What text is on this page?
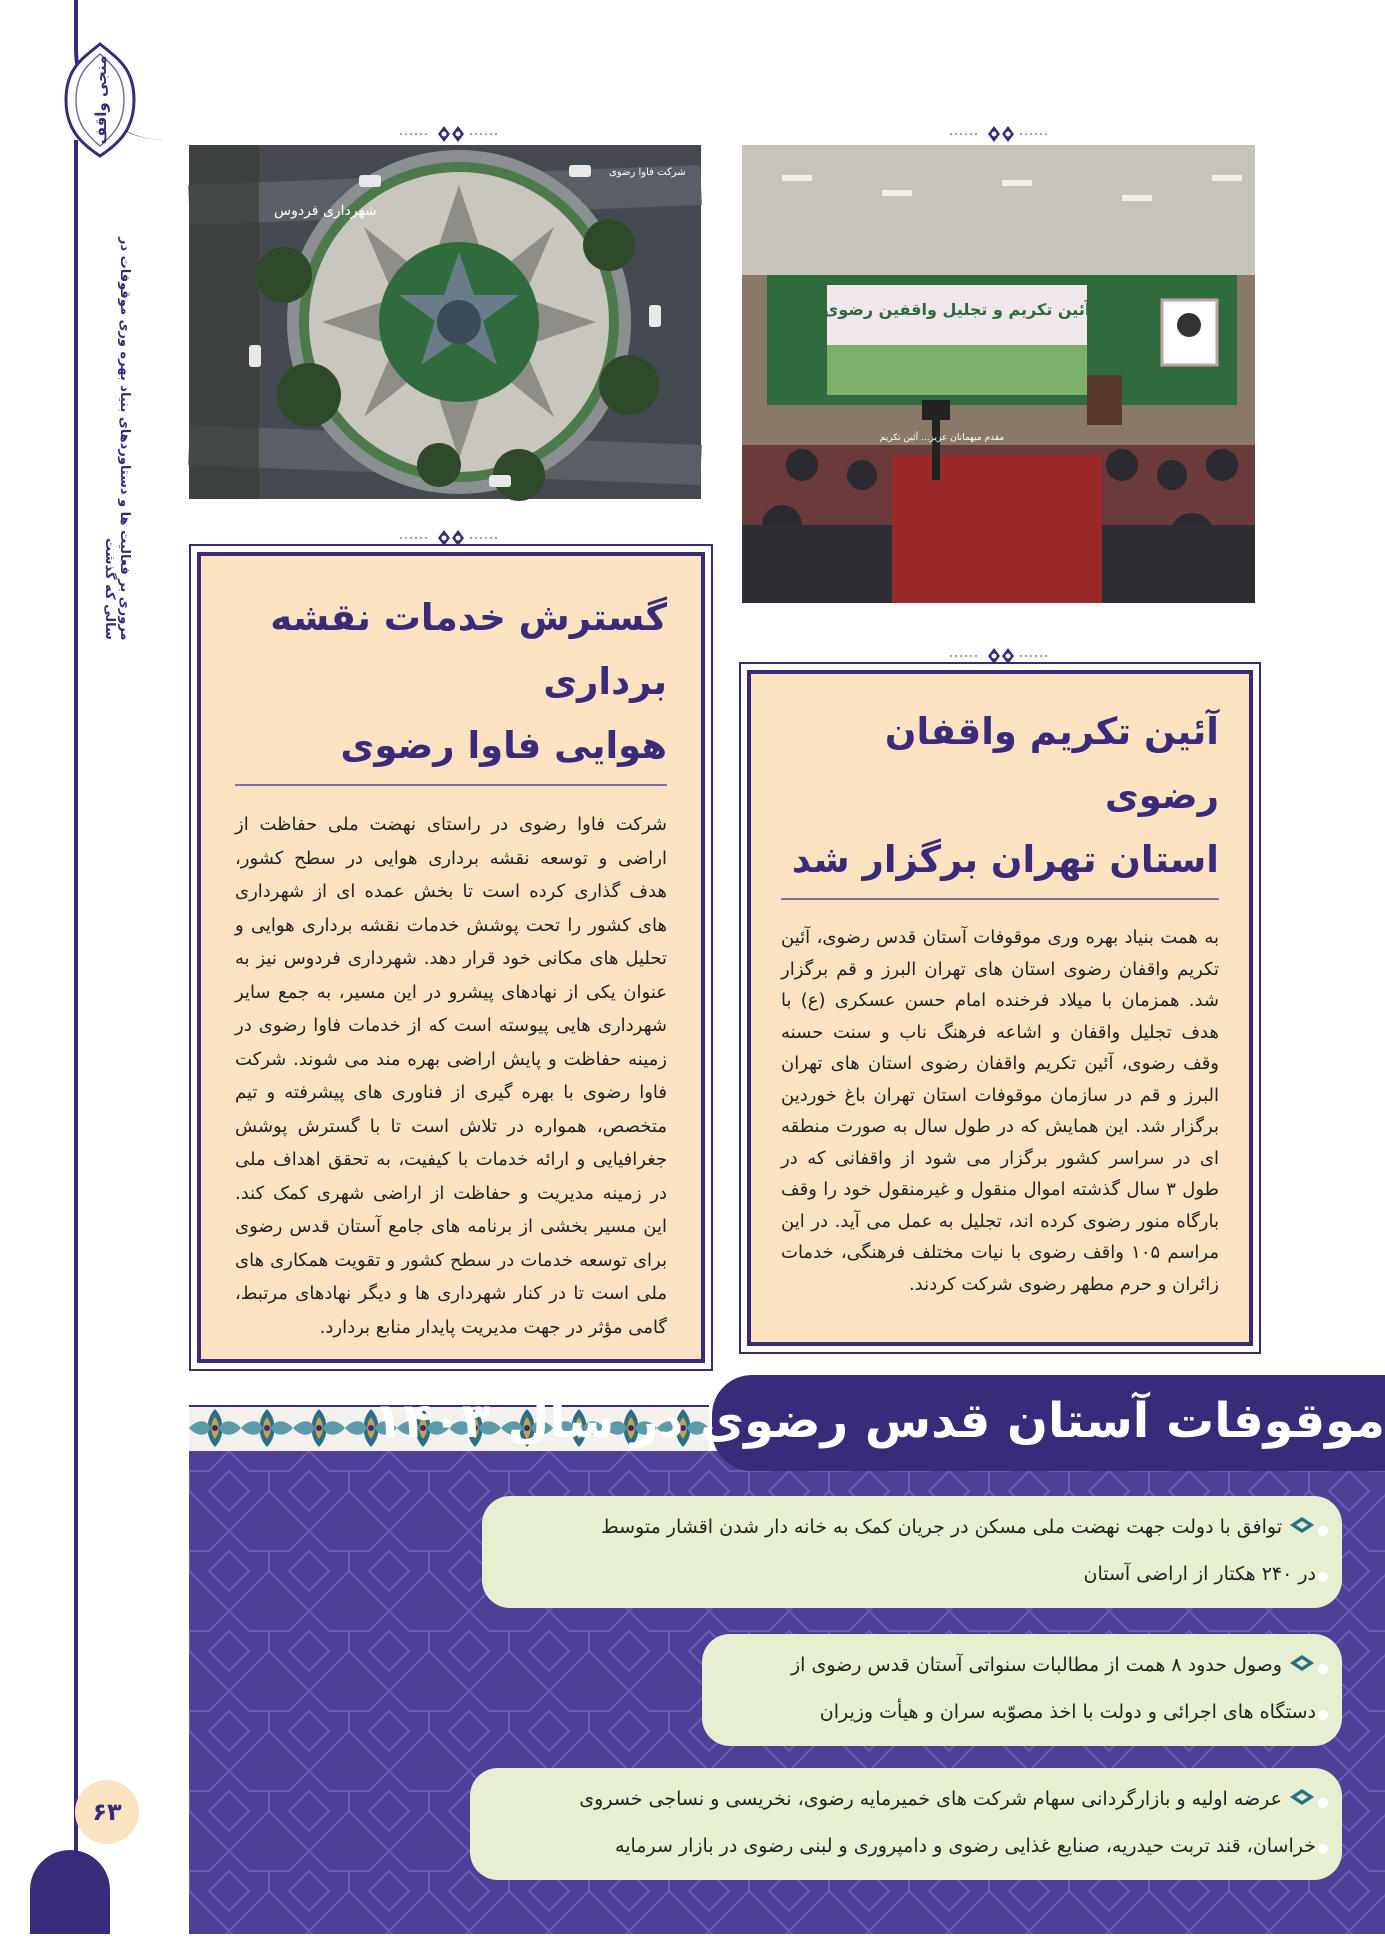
منجی واقف
مروری بر فعالیت ها و دستاوردهای بنیاد بهره وری موقوفات در سالی که گذشت
۶۳
شهرداری فردوس
شرکت فاوا رضوی
آئین تکریم و تجلیل واقفین رضوی
مقدم میهمانان عزیز... آئین تکریم
گسترش خدمات نقشه برداری
هوایی فاوا رضوی

شرکت فاوا رضوی در راستای نهضت ملی حفاظت از اراضی و توسعه نقشه برداری هوایی در سطح کشور، هدف گذاری کرده است تا بخش عمده ای از شهرداری های کشور را تحت پوشش خدمات نقشه برداری هوایی و تحلیل های مکانی خود قرار دهد. شهرداری فردوس نیز به عنوان یکی از نهادهای پیشرو در این مسیر، به جمع سایر شهرداری هایی پیوسته است که از خدمات فاوا رضوی در زمینه حفاظت و پایش اراضی بهره مند می شوند. شرکت فاوا رضوی با بهره گیری از فناوری های پیشرفته و تیم متخصص، همواره در تلاش است تا با گسترش پوشش جغرافیایی و ارائه خدمات با کیفیت، به تحقق اهداف ملی در زمینه مدیریت و حفاظت از اراضی شهری کمک کند. این مسیر بخشی از برنامه های جامع آستان قدس رضوی برای توسعه خدمات در سطح کشور و تقویت همکاری های ملی است تا در کنار شهرداری ها و دیگر نهادهای مرتبط، گامی مؤثر در جهت مدیریت پایدار منابع بردارد.

آئین تکریم واقفان رضوی
استان تهران برگزار شد

به همت بنیاد بهره وری موقوفات آستان قدس رضوی، آئین تکریم واقفان رضوی استان های تهران البرز و قم برگزار شد. همزمان با میلاد فرخنده امام حسن عسکری (ع) با هدف تجلیل واقفان و اشاعه فرهنگ ناب و سنت حسنه وقف رضوی، آئین تکریم واقفان رضوی استان های تهران البرز و قم در سازمان موقوفات استان تهران باغ خوردین برگزار شد. این همایش که در طول سال به صورت منطقه ای در سراسر کشور برگزار می شود از واقفانی که در طول ۳ سال گذشته اموال منقول و غیرمنقول خود را وقف بارگاه منور رضوی کرده اند، تجلیل به عمل می آید. در این مراسم ۱۰۵ واقف رضوی با نیات مختلف فرهنگی، خدمات زائران و حرم مطهر رضوی شرکت کردند.

موقوفات آستان قدس رضوی در سال ۱۴۰۳
توافق با دولت جهت نهضت ملی مسکن در جریان کمک به خانه دار شدن اقشار متوسط
در ۲۴۰ هکتار از اراضی آستان
وصول حدود ۸ همت از مطالبات سنواتی آستان قدس رضوی از
دستگاه های اجرائی و دولت با اخذ مصوّبه سران و هیأت وزیران
عرضه اولیه و بازارگردانی سهام شرکت های خمیرمایه رضوی، نخریسی و نساجی خسروی
خراسان، قند تربت حیدریه، صنایع غذایی رضوی و دامپروری و لبنی رضوی در بازار سرمایه
